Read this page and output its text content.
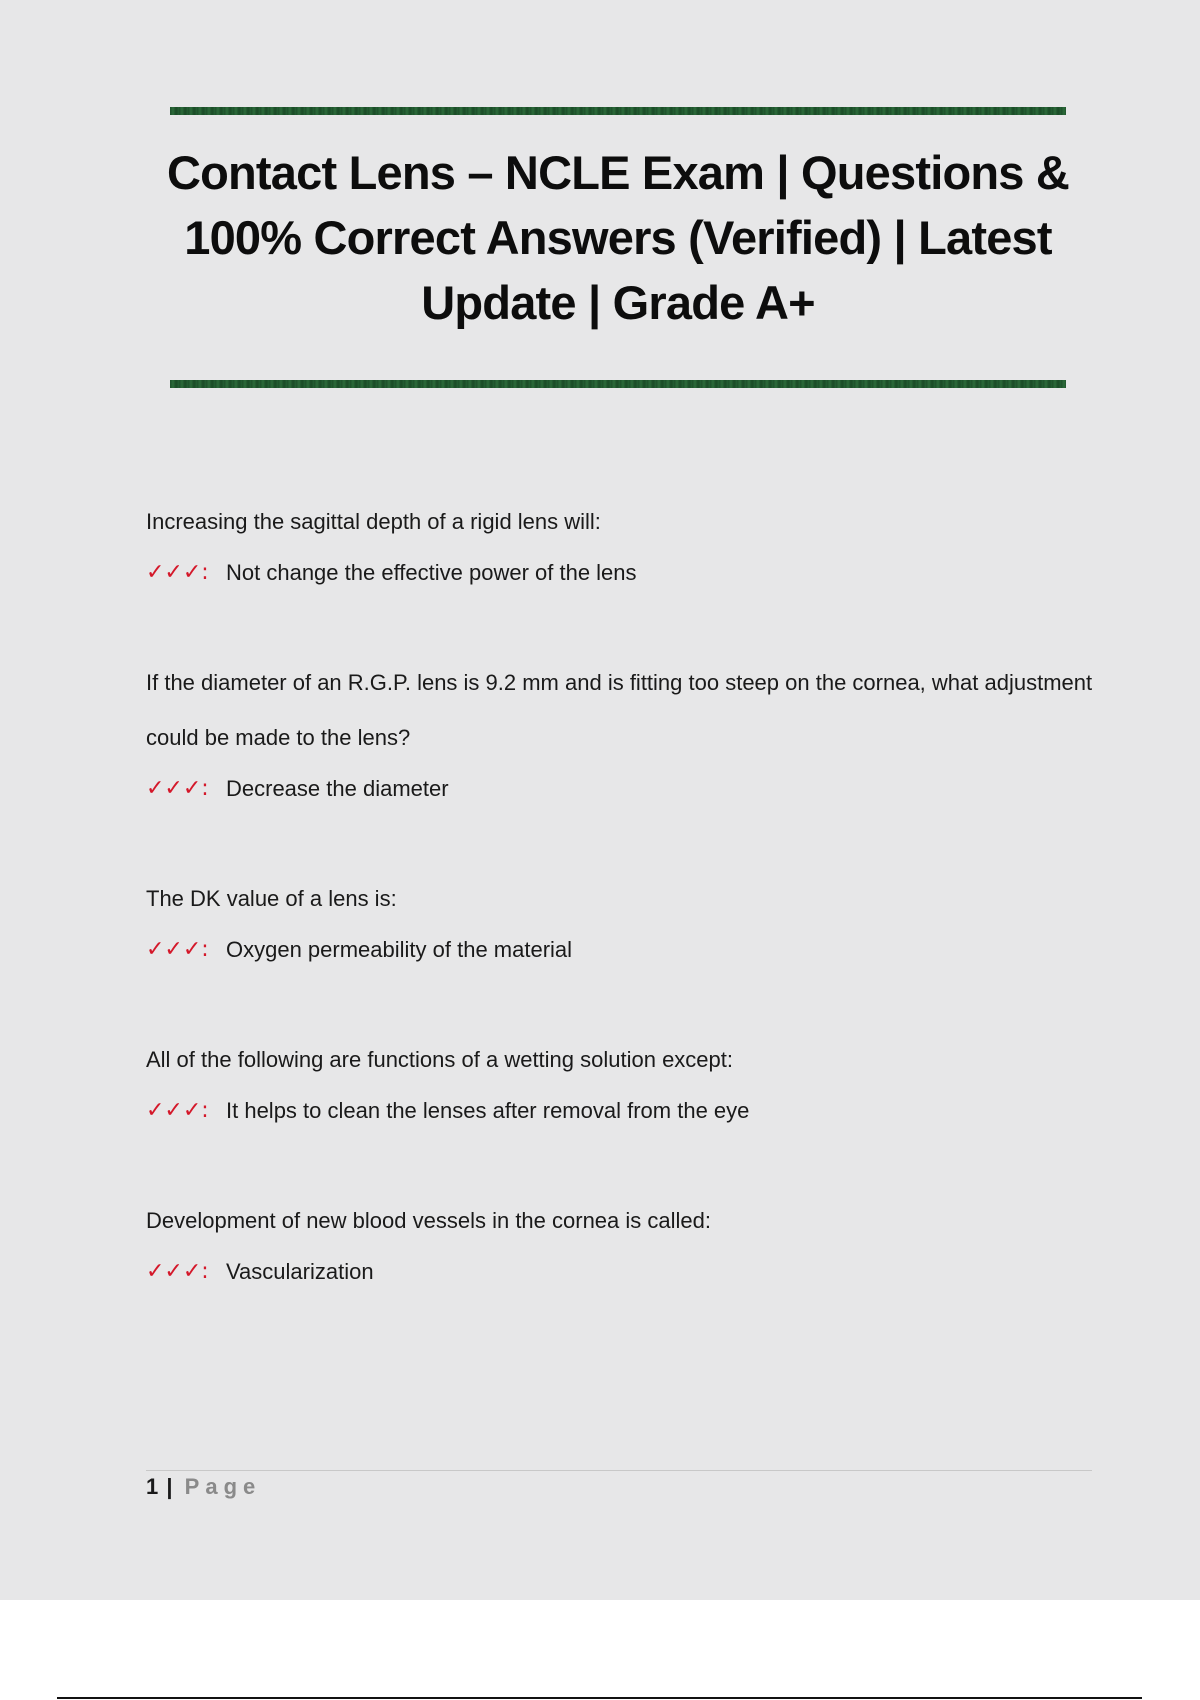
Contact Lens – NCLE Exam | Questions & 100% Correct Answers (Verified) | Latest Update | Grade A+

Increasing the sagittal depth of a rigid lens will:

✓✓✓: Not change the effective power of the lens

If the diameter of an R.G.P. lens is 9.2 mm and is fitting too steep on the cornea, what adjustment could be made to the lens?

✓✓✓: Decrease the diameter

The DK value of a lens is:

✓✓✓: Oxygen permeability of the material

All of the following are functions of a wetting solution except:

✓✓✓: It helps to clean the lenses after removal from the eye

Development of new blood vessels in the cornea is called:

✓✓✓: Vascularization
1 | Page
